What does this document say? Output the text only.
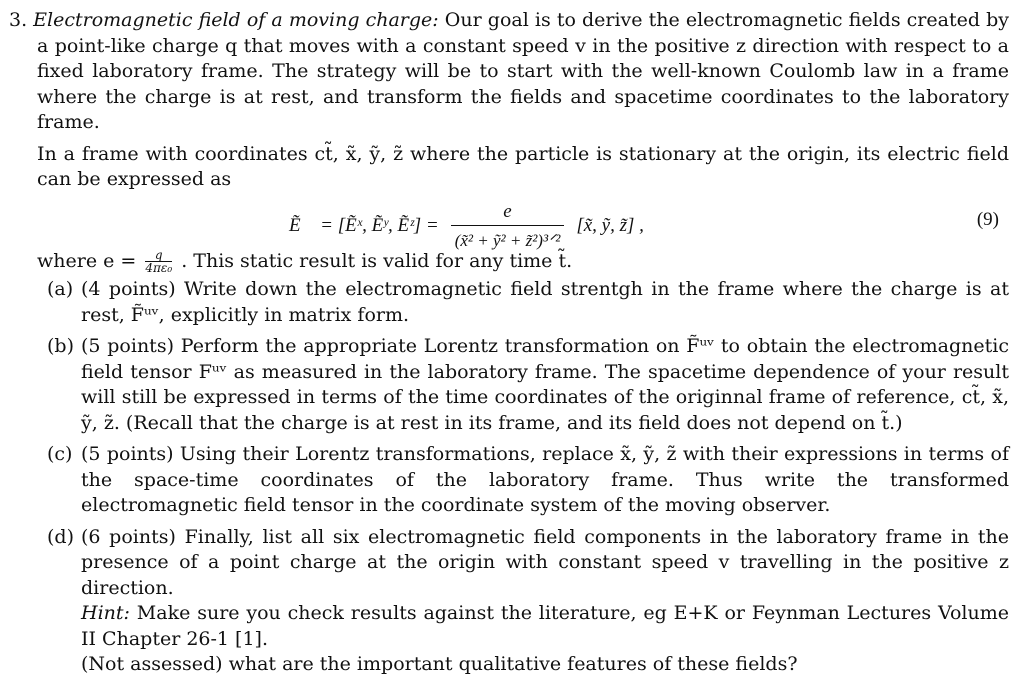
3. Electromagnetic field of a moving charge: Our goal is to derive the electromagnetic fields created by a point-like charge q that moves with a constant speed v in the positive z direction with respect to a fixed laboratory frame. The strategy will be to start with the well-known Coulomb law in a frame where the charge is at rest, and transform the fields and spacetime coordinates to the laboratory frame.
In a frame with coordinates ct̃, x̃, ỹ, z̃ where the particle is stationary at the origin, its electric field can be expressed as
Ẽ⃗ = [Ẽˣ, Ẽʸ, Ẽᶻ] = $\frac{e}{\text{(x̃² + ỹ² + z̃²)³ᐟ²}}$ [x̃, ỹ, z̃] ,	(9)
where $e = \frac{q}{\text{4πε₀}}$ . This static result is valid for any time t̃.
(a) (4 points) Write down the electromagnetic field strentgh in the frame where the charge is at rest, F̃ᵘᵛ, explicitly in matrix form.
(b) (5 points) Perform the appropriate Lorentz transformation on F̃ᵘᵛ to obtain the electromagnetic field tensor Fᵘᵛ as measured in the laboratory frame. The spacetime dependence of your result will still be expressed in terms of the time coordinates of the originnal frame of reference, ct̃, x̃, ỹ, z̃. (Recall that the charge is at rest in its frame, and its field does not depend on t̃.)
(c) (5 points) Using their Lorentz transformations, replace x̃, ỹ, z̃ with their expressions in terms of the space-time coordinates of the laboratory frame. Thus write the transformed electromagnetic field tensor in the coordinate system of the moving observer.
(d) (6 points) Finally, list all six electromagnetic field components in the laboratory frame in the presence of a point charge at the origin with constant speed v travelling in the positive z direction.
Hint: Make sure you check results against the literature, eg E+K or Feynman Lectures Volume II Chapter 26-1 [1].
(Not assessed) what are the important qualitative features of these fields?
